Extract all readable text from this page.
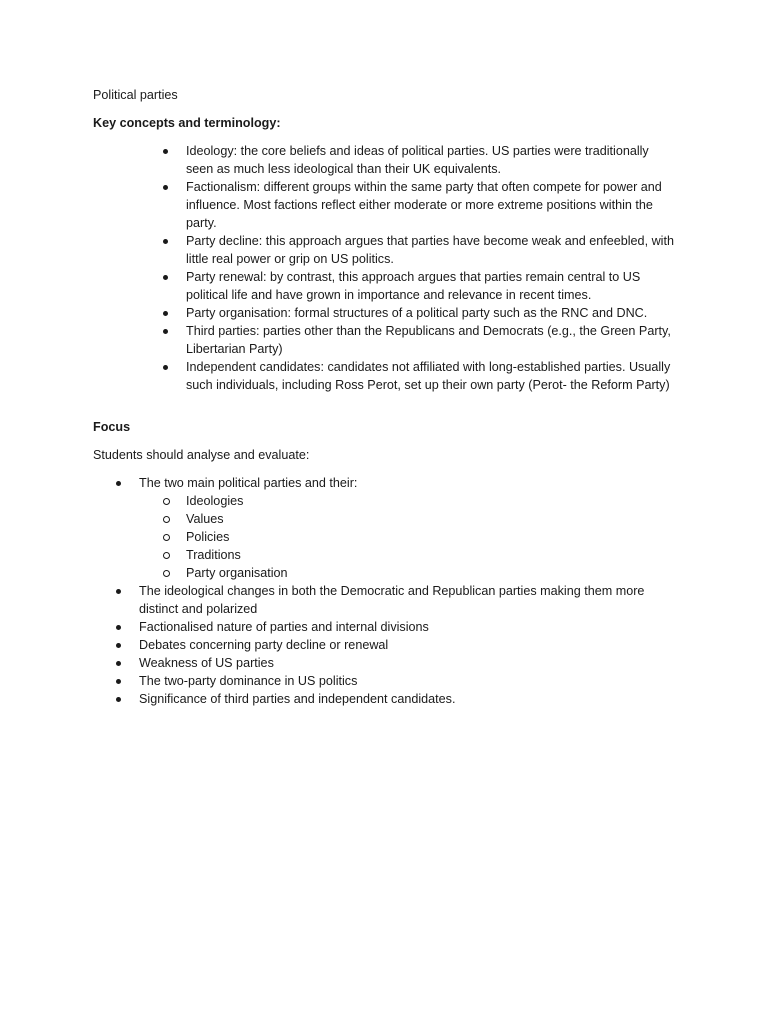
Political parties

Key concepts and terminology:

Ideology: the core beliefs and ideas of political parties. US parties were traditionally seen as much less ideological than their UK equivalents.
Factionalism: different groups within the same party that often compete for power and influence. Most factions reflect either moderate or more extreme positions within the party.
Party decline: this approach argues that parties have become weak and enfeebled, with little real power or grip on US politics.
Party renewal: by contrast, this approach argues that parties remain central to US political life and have grown in importance and relevance in recent times.
Party organisation: formal structures of a political party such as the RNC and DNC.
Third parties: parties other than the Republicans and Democrats (e.g., the Green Party, Libertarian Party)
Independent candidates: candidates not affiliated with long-established parties. Usually such individuals, including Ross Perot, set up their own party (Perot- the Reform Party)

Focus

Students should analyse and evaluate:

The two main political parties and their:
Ideologies
Values
Policies
Traditions
Party organisation
The ideological changes in both the Democratic and Republican parties making them more distinct and polarized
Factionalised nature of parties and internal divisions
Debates concerning party decline or renewal
Weakness of US parties
The two-party dominance in US politics
Significance of third parties and independent candidates.
